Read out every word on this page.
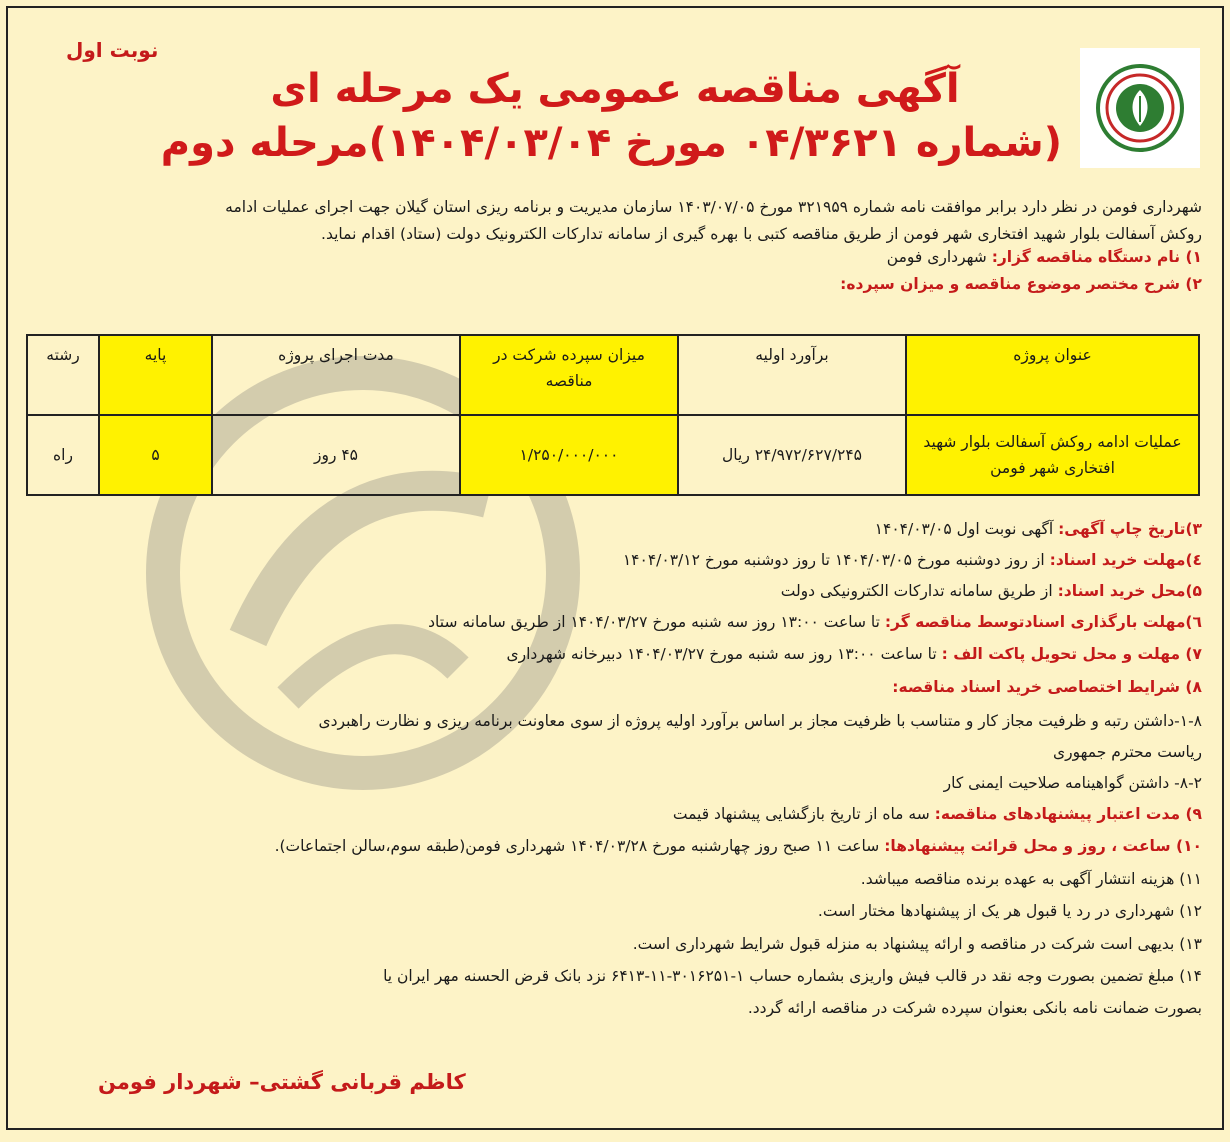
نوبت اول
آگهی مناقصه عمومی یک مرحله ای
(شماره ۰۴/۳۶۲۱ مورخ ۱۴۰۴/۰۳/۰۴)مرحله دوم
شهرداری فومن در نظر دارد برابر موافقت نامه شماره ۳۲۱۹۵۹ مورخ ۱۴۰۳/۰۷/۰۵ سازمان مدیریت و برنامه ریزی استان گیلان جهت اجرای عملیات ادامه
روکش آسفالت بلوار شهید افتخاری شهر فومن از طریق مناقصه کتبی با بهره گیری از سامانه تدارکات الکترونیک دولت (ستاد) اقدام نماید.
۱) نام دستگاه مناقصه گزار: شهرداری فومن
۲) شرح مختصر موضوع مناقصه و میزان سپرده:
عنوان پروژه	برآورد اولیه	میزان سپرده شرکت در مناقصه	مدت اجرای پروژه	پایه	رشته
عملیات ادامه روکش آسفالت بلوار شهید افتخاری شهر فومن	۲۴/۹۷۲/۶۲۷/۲۴۵ ریال	۱/۲۵۰/۰۰۰/۰۰۰	۴۵ روز	۵	راه
۳)تاریخ چاپ آگهی: آگهی نوبت اول ۱۴۰۴/۰۳/۰۵
٤)مهلت خرید اسناد: از روز دوشنبه مورخ ۱۴۰۴/۰۳/۰۵ تا روز دوشنبه مورخ ۱۴۰۴/۰۳/۱۲
۵)محل خرید اسناد: از طریق سامانه تدارکات الکترونیکی دولت
٦)مهلت بارگذاری اسنادتوسط مناقصه گر: تا ساعت ۱۳:۰۰ روز سه شنبه مورخ ۱۴۰۴/۰۳/۲۷ از طریق سامانه ستاد
۷) مهلت و محل تحویل پاکت الف : تا ساعت ۱۳:۰۰ روز سه شنبه مورخ ۱۴۰۴/۰۳/۲۷ دبیرخانه شهرداری
۸) شرایط اختصاصی خرید اسناد مناقصه:
۱-۸-داشتن رتبه و ظرفیت مجاز کار و متناسب با ظرفیت مجاز بر اساس برآورد اولیه پروژه از سوی معاونت برنامه ریزی و نظارت راهبردی
ریاست محترم جمهوری
۸-۲- داشتن گواهینامه صلاحیت ایمنی کار
۹) مدت اعتبار پیشنهادهای مناقصه: سه ماه از تاریخ بازگشایی پیشنهاد قیمت
۱۰) ساعت ، روز و محل قرائت پیشنهادها: ساعت ۱۱ صبح روز چهارشنبه مورخ ۱۴۰۴/۰۳/۲۸ شهرداری فومن(طبقه سوم،سالن اجتماعات).
۱۱) هزینه انتشار آگهی به عهده برنده مناقصه میباشد.
۱۲) شهرداری در رد یا قبول هر یک از پیشنهادها مختار است.
۱۳) بدیهی است شرکت در مناقصه و ارائه پیشنهاد به منزله قبول شرایط شهرداری است.
۱۴) مبلغ تضمین بصورت وجه نقد در قالب فیش واریزی بشماره حساب ۱-۳۰۱۶۲۵۱-۱۱-۶۴۱۳ نزد بانک قرض الحسنه مهر ایران یا
بصورت ضمانت نامه بانکی بعنوان سپرده شرکت در مناقصه ارائه گردد.
کاظم قربانی گشتی– شهردار فومن
